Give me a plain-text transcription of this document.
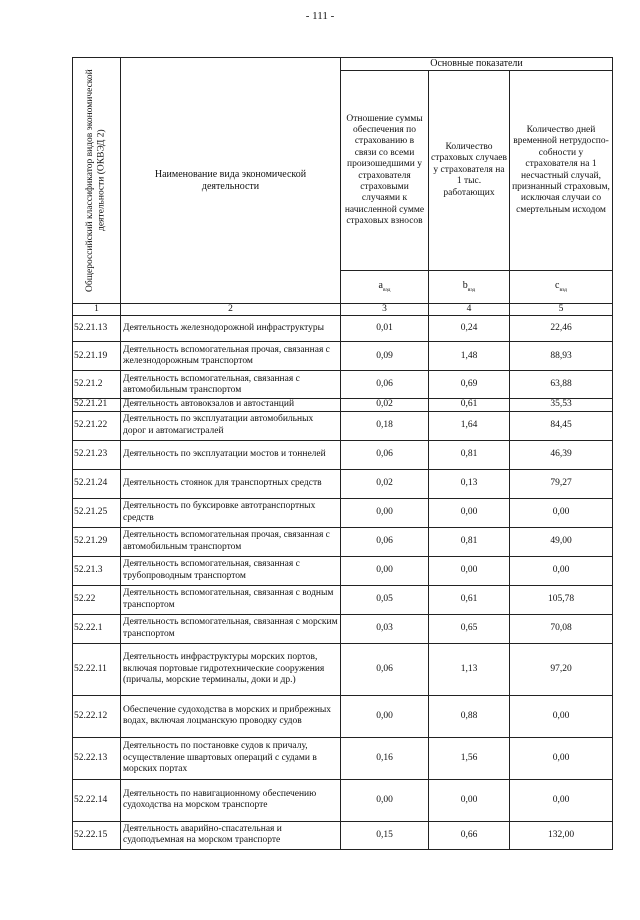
- 111 -
Общероссийский классификатор видов экономической деятельности (ОКВЭД 2)	Наименование вида экономической деятельности	Основные показатели		
		Отношение суммы обеспечения по страхованию в связи со всеми произошедшими у страхователя страховыми случаями к начисленной сумме страховых взносов	Количество страховых случаев у страхователя на 1 тыс. работающих	Количество дней временной нетрудоспо-собности у страхователя на 1 несчастный случай, признанный страховым, исключая случаи со смертельным исходом
		$a_{вэд}$	$b_{вэд}$	$c_{вэд}$
1	2	3	4	5
52.21.13	Деятельность железнодорожной инфраструктуры	0,01	0,24	22,46
52.21.19	Деятельность вспомогательная прочая, связанная с железнодорожным транспортом	0,09	1,48	88,93
52.21.2	Деятельность вспомогательная, связанная с автомобильным транспортом	0,06	0,69	63,88
52.21.21	Деятельность автовокзалов и автостанций	0,02	0,61	35,53
52.21.22	Деятельность по эксплуатации автомобильных дорог и автомагистралей	0,18	1,64	84,45
52.21.23	Деятельность по эксплуатации мостов и тоннелей	0,06	0,81	46,39
52.21.24	Деятельность стоянок для транспортных средств	0,02	0,13	79,27
52.21.25	Деятельность по буксировке автотранспортных средств	0,00	0,00	0,00
52.21.29	Деятельность вспомогательная прочая, связанная с автомобильным транспортом	0,06	0,81	49,00
52.21.3	Деятельность вспомогательная, связанная с трубопроводным транспортом	0,00	0,00	0,00
52.22	Деятельность вспомогательная, связанная с водным транспортом	0,05	0,61	105,78
52.22.1	Деятельность вспомогательная, связанная с морским транспортом	0,03	0,65	70,08
52.22.11	Деятельность инфраструктуры морских портов, включая портовые гидротехнические сооружения (причалы, морские терминалы, доки и др.)	0,06	1,13	97,20
52.22.12	Обеспечение судоходства в морских и прибрежных водах, включая лоцманскую проводку судов	0,00	0,88	0,00
52.22.13	Деятельность по постановке судов к причалу, осуществление швартовых операций с судами в морских портах	0,16	1,56	0,00
52.22.14	Деятельность по навигационному обеспечению судоходства на морском транспорте	0,00	0,00	0,00
52.22.15	Деятельность аварийно-спасательная и судоподъемная на морском транспорте	0,15	0,66	132,00
